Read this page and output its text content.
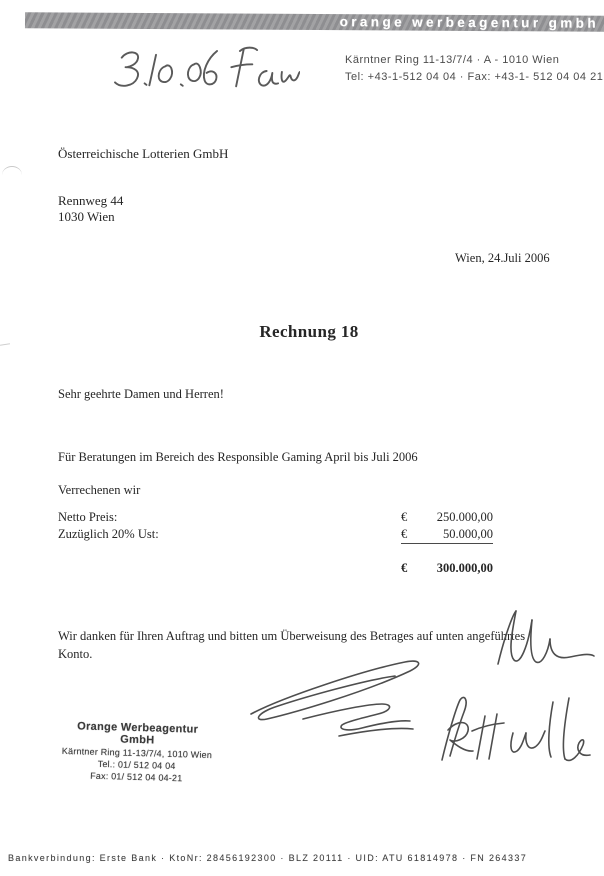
orange werbeagentur gmbh
Kärntner Ring 11-13/7/4 · A - 1010 Wien
Tel: +43-1-512 04 04 · Fax: +43-1- 512 04 04 21
Österreichische Lotterien GmbH
Rennweg 44
1030 Wien
Wien, 24.Juli 2006
Rechnung 18
Sehr geehrte Damen und Herren!
Für Beratungen im Bereich des Responsible Gaming April bis Juli 2006
Verrechenen wir
Netto Preis:	€ 250.000,00
Zuzüglich 20% Ust:	€	50.000,00
€ 300.000,00
Wir danken für Ihren Auftrag und bitten um Überweisung des Betrages auf unten angeführtes Konto.
Orange Werbeagentur GmbH
Kärntner Ring 11-13/7/4, 1010 Wien
Tel.: 01/ 512 04 04
Fax: 01/ 512 04 04-21
Bankverbindung: Erste Bank · KtoNr: 28456192300 · BLZ 20111 · UID: ATU 61814978 · FN 264337
